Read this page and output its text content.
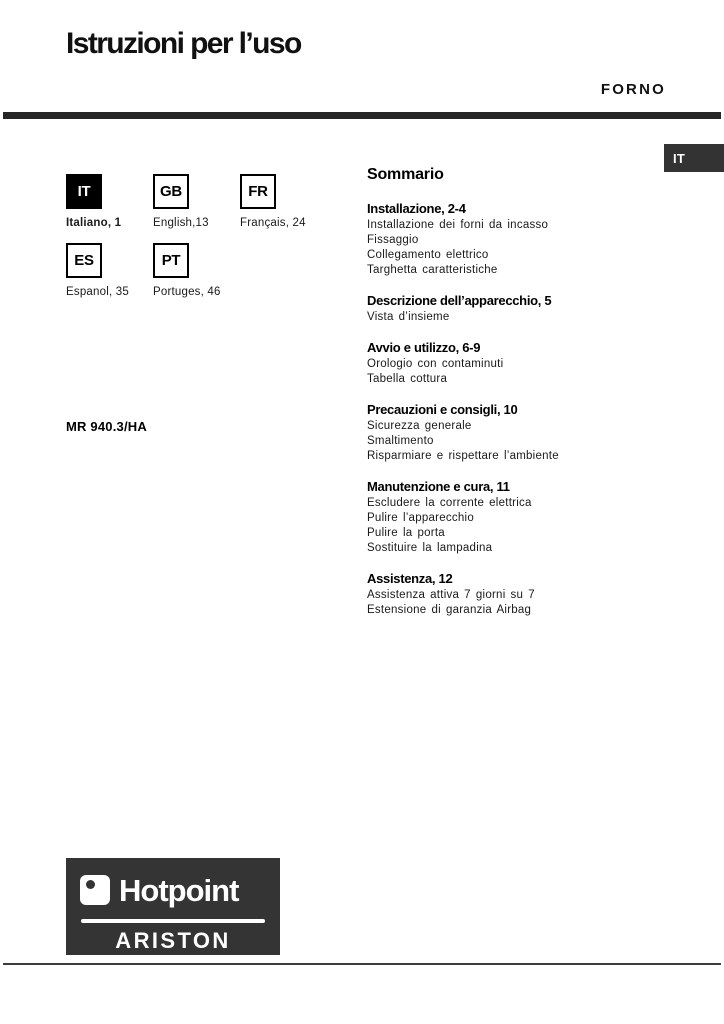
Istruzioni per l’uso
FORNO
IT
IT
Italiano, 1
GB
English,13
FR
Français, 24
ES
Espanol, 35
PT
Portuges, 46
MR 940.3/HA
Sommario
Installazione, 2-4
Installazione dei forni da incasso
Fissaggio
Collegamento elettrico
Targhetta caratteristiche
Descrizione dell’apparecchio, 5
Vista d’insieme
Avvio e utilizzo, 6-9
Orologio con contaminuti
Tabella cottura
Precauzioni e consigli, 10
Sicurezza generale
Smaltimento
Risparmiare e rispettare l’ambiente
Manutenzione e cura, 11
Escludere la corrente elettrica
Pulire l’apparecchio
Pulire la porta
Sostituire la lampadina
Assistenza, 12
Assistenza attiva 7 giorni su 7
Estensione di garanzia Airbag
Hotpoint
ARISTON
